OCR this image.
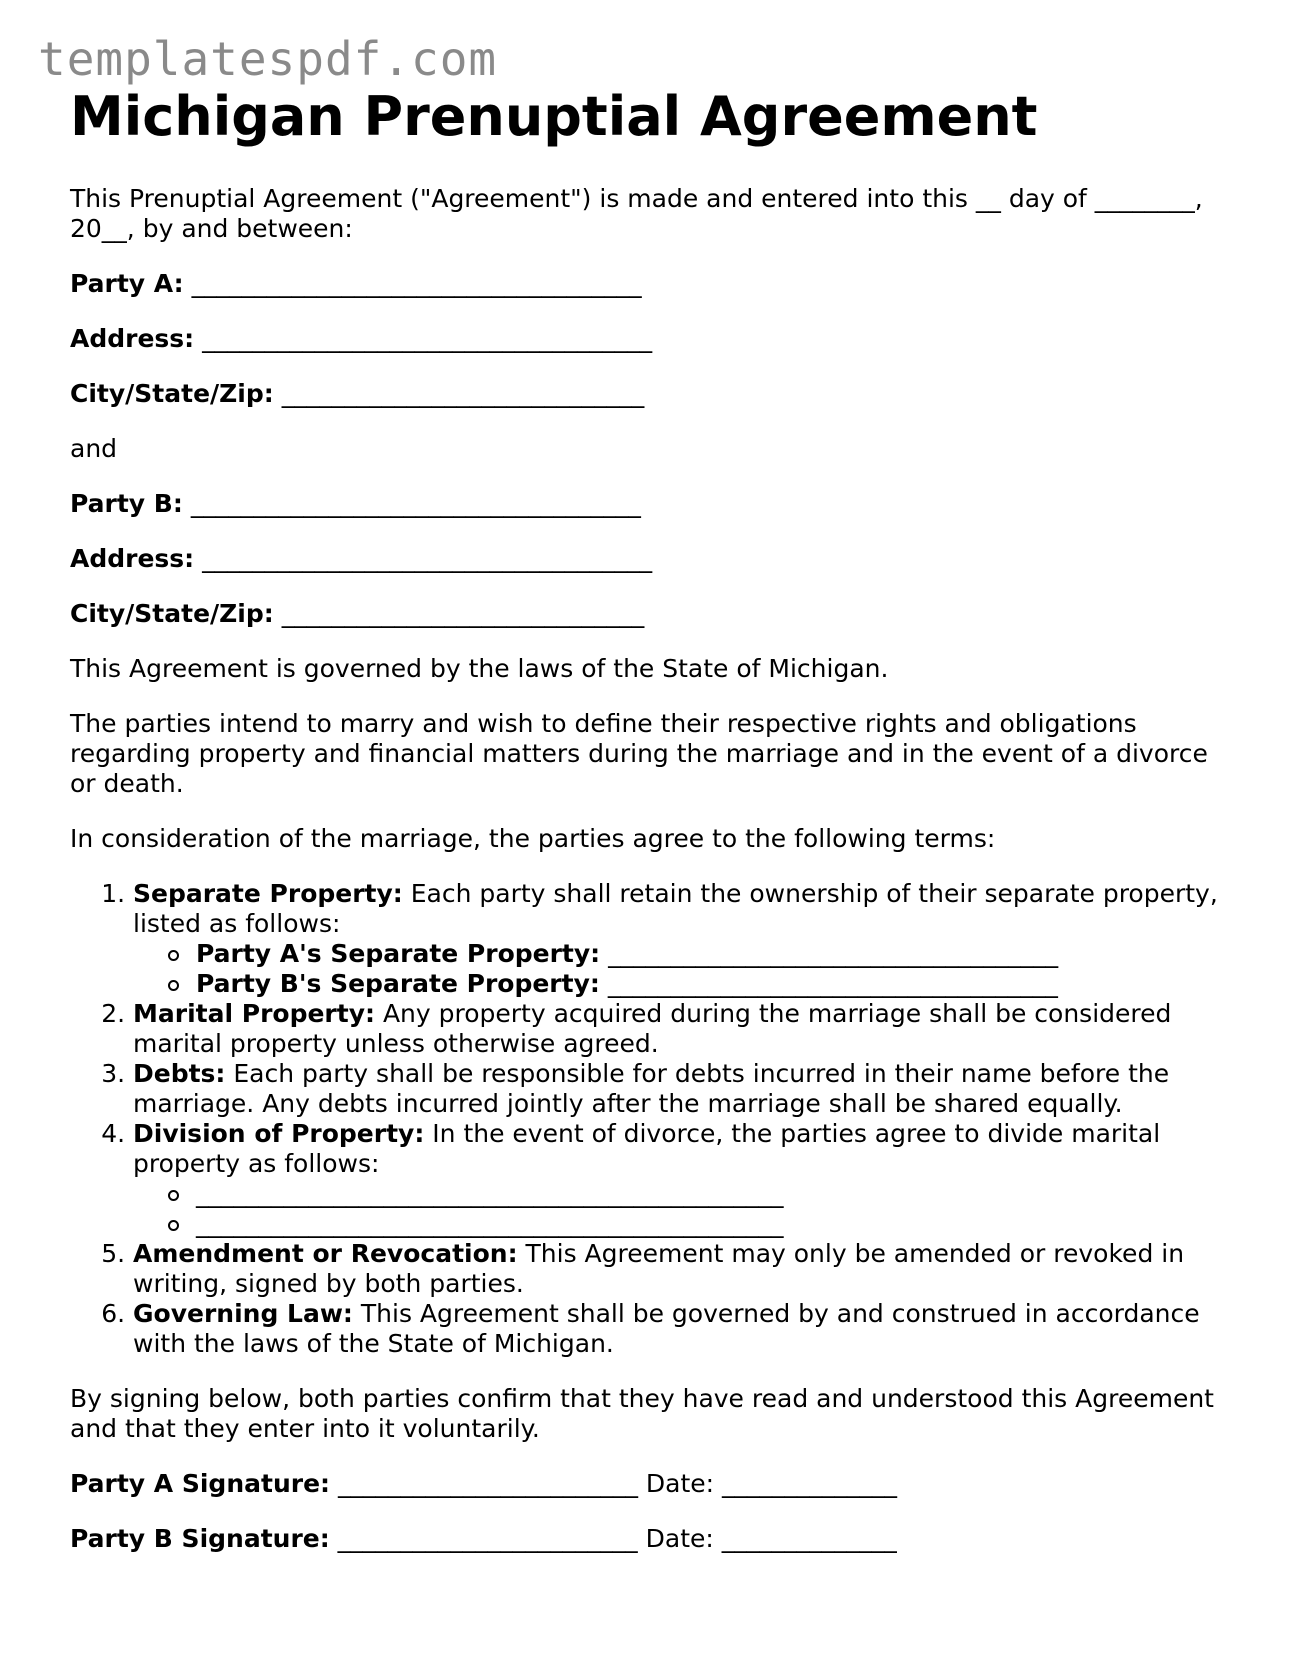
templatespdf.com
Michigan Prenuptial Agreement

This Prenuptial Agreement ("Agreement") is made and entered into this __ day of ________, 20__, by and between:

Party A: ____________________________________

Address: ____________________________________

City/State/Zip: _____________________________

and

Party B: ____________________________________

Address: ____________________________________

City/State/Zip: _____________________________

This Agreement is governed by the laws of the State of Michigan.

The parties intend to marry and wish to define their respective rights and obligations regarding property and financial matters during the marriage and in the event of a divorce or death.

In consideration of the marriage, the parties agree to the following terms:

1. Separate Property: Each party shall retain the ownership of their separate property, listed as follows:
Party A's Separate Property: ____________________________________
Party B's Separate Property: ____________________________________
2. Marital Property: Any property acquired during the marriage shall be considered marital property unless otherwise agreed.
3. Debts: Each party shall be responsible for debts incurred in their name before the marriage. Any debts incurred jointly after the marriage shall be shared equally.
4. Division of Property: In the event of divorce, the parties agree to divide marital property as follows:
_______________________________________________
_______________________________________________
5. Amendment or Revocation: This Agreement may only be amended or revoked in writing, signed by both parties.
6. Governing Law: This Agreement shall be governed by and construed in accordance with the laws of the State of Michigan.

By signing below, both parties confirm that they have read and understood this Agreement and that they enter into it voluntarily.

Party A Signature: ________________________ Date: ______________

Party B Signature: ________________________ Date: ______________
